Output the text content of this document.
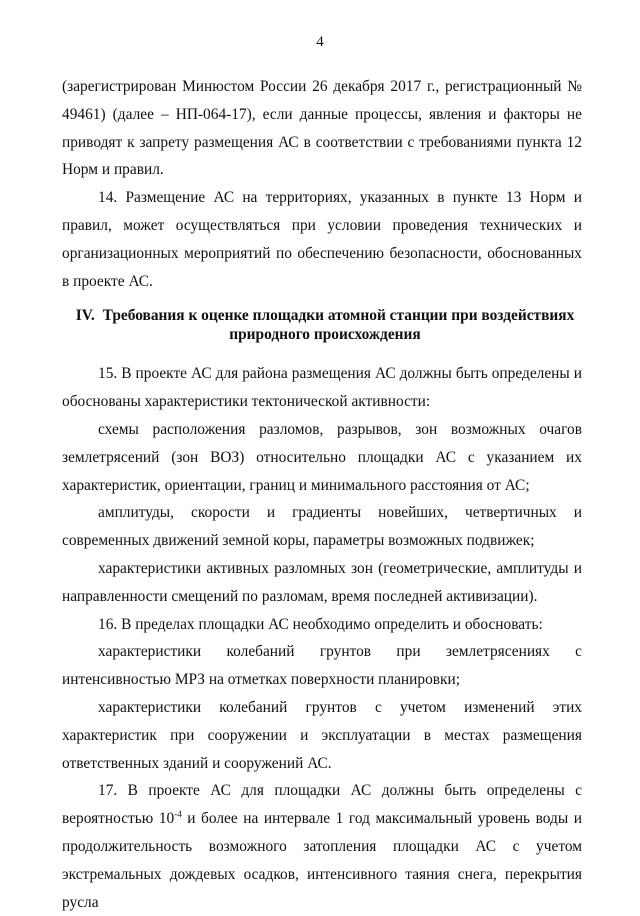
4

(зарегистрирован Минюстом России 26 декабря 2017 г., регистрационный № 49461) (далее – НП-064-17), если данные процессы, явления и факторы не приводят к запрету размещения АС в соответствии с требованиями пункта 12 Норм и правил.

14. Размещение АС на территориях, указанных в пункте 13 Норм и правил, может осуществляться при условии проведения технических и организационных мероприятий по обеспечению безопасности, обоснованных в проекте АС.

IV. Требования к оценке площадки атомной станции при воздействиях природного происхождения

15. В проекте АС для района размещения АС должны быть определены и обоснованы характеристики тектонической активности:

схемы расположения разломов, разрывов, зон возможных очагов землетрясений (зон ВОЗ) относительно площадки АС с указанием их характеристик, ориентации, границ и минимального расстояния от АС;

амплитуды, скорости и градиенты новейших, четвертичных и современных движений земной коры, параметры возможных подвижек;

характеристики активных разломных зон (геометрические, амплитуды и направленности смещений по разломам, время последней активизации).

16. В пределах площадки АС необходимо определить и обосновать:

характеристики колебаний грунтов при землетрясениях с интенсивностью МРЗ на отметках поверхности планировки;

характеристики колебаний грунтов с учетом изменений этих характеристик при сооружении и эксплуатации в местах размещения ответственных зданий и сооружений АС.

17. В проекте АС для площадки АС должны быть определены с вероятностью $10^{-4}$ и более на интервале 1 год максимальный уровень воды и продолжительность возможного затопления площадки АС с учетом экстремальных дождевых осадков, интенсивного таяния снега, перекрытия русла
